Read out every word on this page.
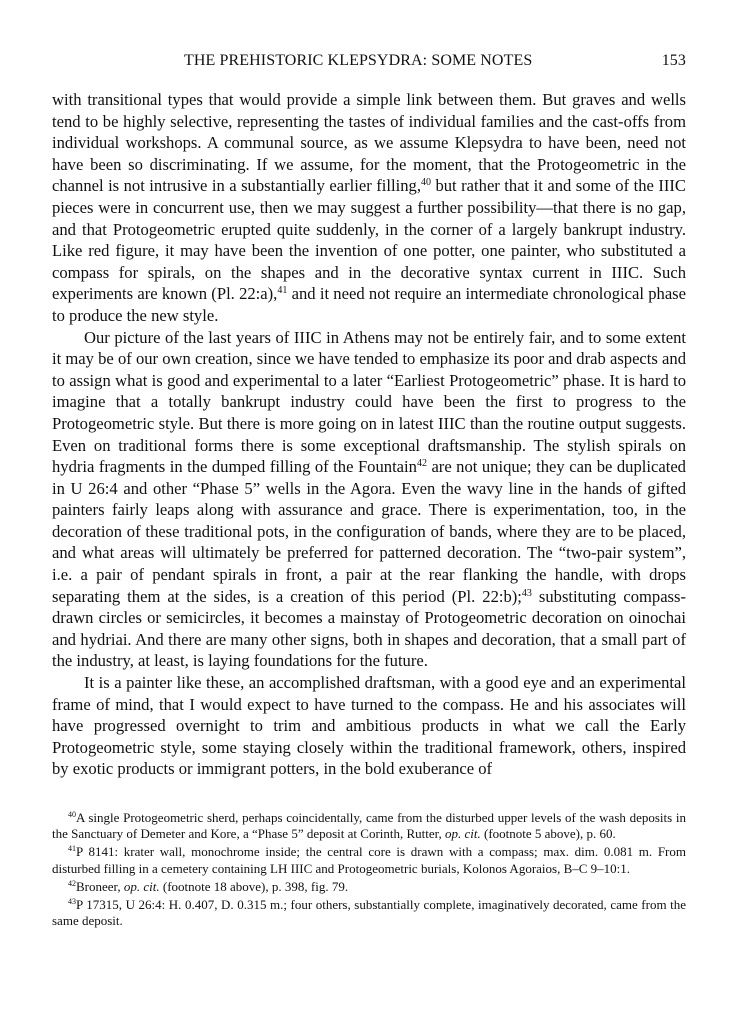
THE PREHISTORIC KLEPSYDRA: SOME NOTES	153

with transitional types that would provide a simple link between them. But graves and wells tend to be highly selective, representing the tastes of individual families and the cast-offs from individual workshops. A communal source, as we assume Klepsydra to have been, need not have been so discriminating. If we assume, for the moment, that the Protogeometric in the channel is not intrusive in a substantially earlier filling,$^{40}$ but rather that it and some of the IIIC pieces were in concurrent use, then we may suggest a further possibility—that there is no gap, and that Protogeometric erupted quite suddenly, in the corner of a largely bankrupt industry. Like red figure, it may have been the invention of one potter, one painter, who substituted a compass for spirals, on the shapes and in the decorative syntax current in IIIC. Such experiments are known (Pl. 22:a),$^{41}$ and it need not require an intermediate chronological phase to produce the new style.

Our picture of the last years of IIIC in Athens may not be entirely fair, and to some extent it may be of our own creation, since we have tended to emphasize its poor and drab aspects and to assign what is good and experimental to a later “Earliest Protogeometric” phase. It is hard to imagine that a totally bankrupt industry could have been the first to progress to the Protogeometric style. But there is more going on in latest IIIC than the routine output suggests. Even on traditional forms there is some exceptional draftsmanship. The stylish spirals on hydria fragments in the dumped filling of the Fountain$^{42}$ are not unique; they can be duplicated in U 26:4 and other “Phase 5” wells in the Agora. Even the wavy line in the hands of gifted painters fairly leaps along with assurance and grace. There is experimentation, too, in the decoration of these traditional pots, in the configuration of bands, where they are to be placed, and what areas will ultimately be preferred for patterned decoration. The “two-pair system”, i.e. a pair of pendant spirals in front, a pair at the rear flanking the handle, with drops separating them at the sides, is a creation of this period (Pl. 22:b);$^{43}$ substituting compass-drawn circles or semicircles, it becomes a mainstay of Protogeometric decoration on oinochai and hydriai. And there are many other signs, both in shapes and decoration, that a small part of the industry, at least, is laying foundations for the future.

It is a painter like these, an accomplished draftsman, with a good eye and an experimental frame of mind, that I would expect to have turned to the compass. He and his associates will have progressed overnight to trim and ambitious products in what we call the Early Protogeometric style, some staying closely within the traditional framework, others, inspired by exotic products or immigrant potters, in the bold exuberance of

$^{40}$A single Protogeometric sherd, perhaps coincidentally, came from the disturbed upper levels of the wash deposits in the Sanctuary of Demeter and Kore, a “Phase 5” deposit at Corinth, Rutter, op. cit. (footnote 5 above), p. 60.

$^{41}$P 8141: krater wall, monochrome inside; the central core is drawn with a compass; max. dim. 0.081 m. From disturbed filling in a cemetery containing LH IIIC and Protogeometric burials, Kolonos Agoraios, B–C 9–10:1.

$^{42}$Broneer, op. cit. (footnote 18 above), p. 398, fig. 79.

$^{43}$P 17315, U 26:4: H. 0.407, D. 0.315 m.; four others, substantially complete, imaginatively decorated, came from the same deposit.
